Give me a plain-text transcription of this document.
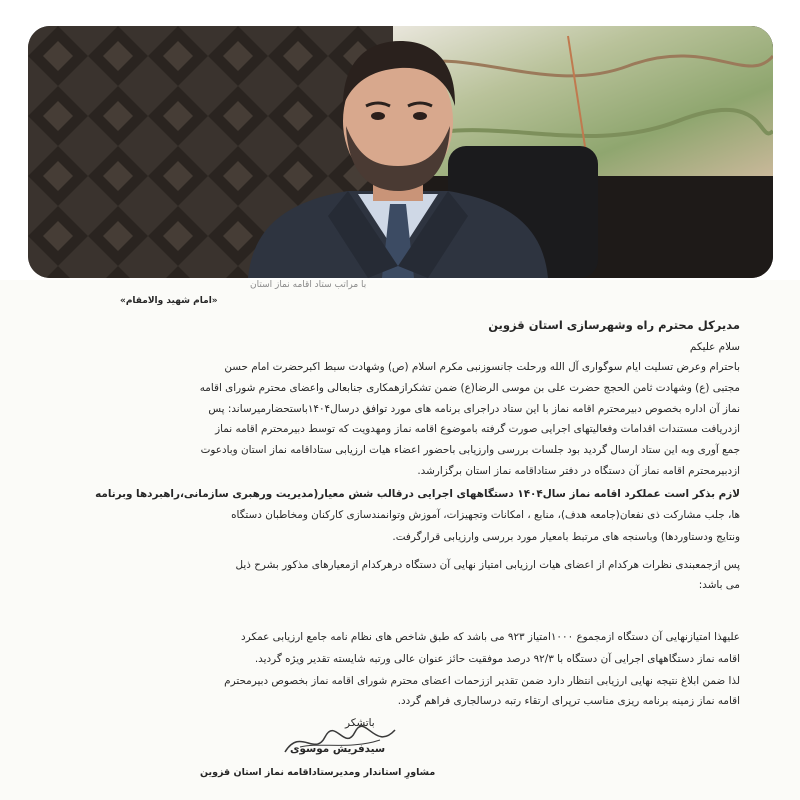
ﺑﺎ ﻣﺮﺍﺗﺐ ﺳﺘﺎﺩ ﺍﻗﺎﻣﻪ ﻧﻤﺎﺯ ﺍﺳﺘﺎﻥ
«امام شهید والامقام»
مدیرکل محترم راه وشهرسازی استان قزوین
سلام علیکم
باحترام وعرض تسلیت ایام سوگواری آل الله ورحلت جانسوزنبی مکرم اسلام (ص) وشهادت سبط اکبرحضرت امام حسن
مجتبی (ع) وشهادت ثامن الحجج حضرت علی بن موسی الرضا(ع) ضمن تشکرازهمکاری جنابعالی واعضای محترم شورای اقامه
نماز آن اداره بخصوص دبیرمحترم اقامه نماز با این ستاد دراجرای برنامه های مورد توافق درسال۱۴۰۴باستحضارمیرساند: پس
ازدریافت مستندات اقدامات وفعالیتهای اجرایی صورت گرفته باموضوع اقامه نماز ومهدویت که توسط دبیرمحترم اقامه نماز
جمع آوری وبه این ستاد ارسال گردید بود جلسات بررسی وارزیابی باحضور اعضاء هیات ارزیابی ستاداقامه نماز استان وبادعوت
ازدبیرمحترم اقامه نماز آن دستگاه در دفتر ستاداقامه نماز استان برگزارشد.
لازم بذکر است عملکرد اقامه نماز سال۱۴۰۴ دستگاههای اجرایی درقالب شش معیار(مدیریت ورهبری سازمانی،راهبردها وبرنامه
ها، جلب مشارکت ذی نفعان(جامعه هدف)، منابع ، امکانات وتجهیزات، آموزش وتوانمندسازی کارکنان ومخاطبان دستگاه
ونتایج ودستاوردها) وباسنجه های مرتبط بامعیار مورد بررسی وارزیابی قرارگرفت.
پس ازجمعبندی نظرات هرکدام از اعضای هیات ارزیابی امتیاز نهایی آن دستگاه درهرکدام ازمعیارهای مذکور بشرح ذیل
می باشد:
علیهذا امتیازنهایی آن دستگاه ازمجموع ۱۰۰۰امتیاز ۹۲۳ می باشد که طبق شاخص های نظام نامه جامع ارزیابی عمکرد
اقامه نماز دستگاههای اجرایی آن دستگاه با ۹۲/۳ درصد موفقیت حائز عنوان عالی ورتبه شایسته تقدیر ویژه گردید.
لذا ضمن ابلاغ نتیجه نهایی ارزیابی انتظار دارد ضمن تقدیر اززحمات اعضای محترم شورای اقامه نماز بخصوص دبیرمحترم
اقامه نماز زمینه برنامه ریزی مناسب ترپرای ارتقاء رتبه درسالجاری فراهم گردد.
باتشکر
سیدفریش موسوی
مشاورِ استاندار ومدیرستاداقامه نماز استان قزوین
